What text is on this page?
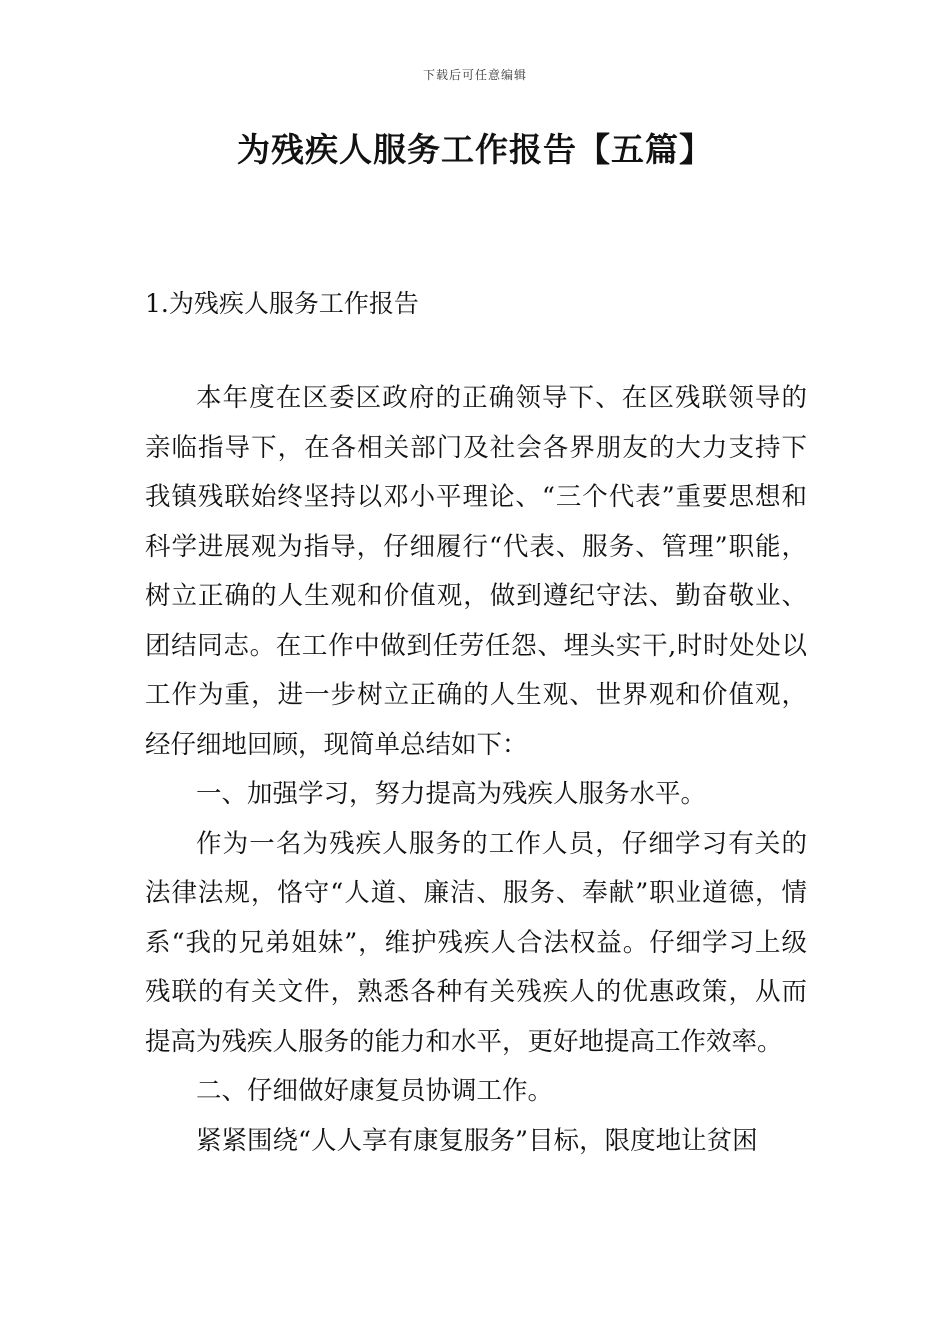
下载后可任意编辑
为残疾人服务工作报告【五篇】
1.为残疾人服务工作报告

本年度在区委区政府的正确领导下、在区残联领导的亲临指导下，在各相关部门及社会各界朋友的大力支持下我镇残联始终坚持以邓小平理论、“三个代表”重要思想和科学进展观为指导，仔细履行“代表、服务、管理”职能，树立正确的人生观和价值观，做到遵纪守法、勤奋敬业、团结同志。在工作中做到任劳任怨、埋头实干,时时处处以工作为重，进一步树立正确的人生观、世界观和价值观，经仔细地回顾，现简单总结如下：

一、加强学习，努力提高为残疾人服务水平。

作为一名为残疾人服务的工作人员，仔细学习有关的法律法规，恪守“人道、廉洁、服务、奉献”职业道德，情系“我的兄弟姐妹”，维护残疾人合法权益。仔细学习上级残联的有关文件，熟悉各种有关残疾人的优惠政策，从而提高为残疾人服务的能力和水平，更好地提高工作效率。

二、仔细做好康复员协调工作。

紧紧围绕“人人享有康复服务”目标，限度地让贫困
